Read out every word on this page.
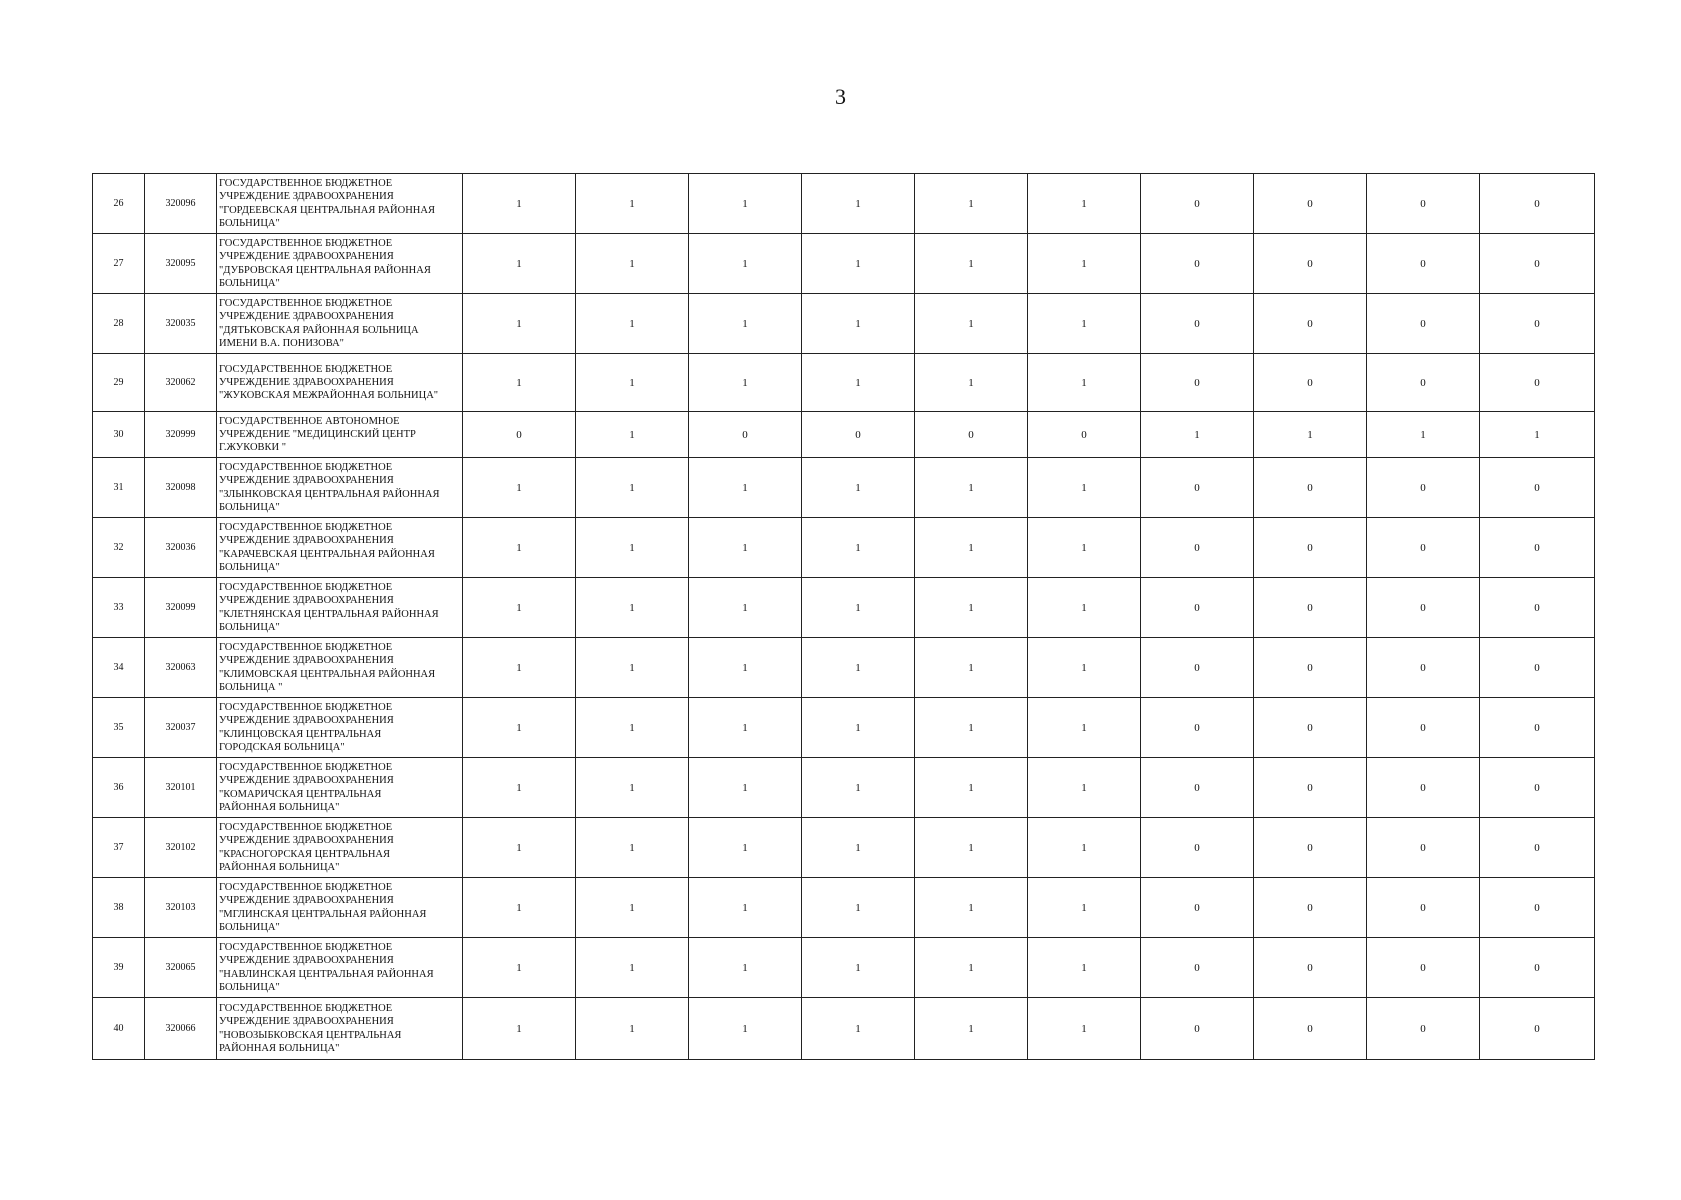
3
26	320096	ГОСУДАРСТВЕННОЕ БЮДЖЕТНОЕ
УЧРЕЖДЕНИЕ ЗДРАВООХРАНЕНИЯ
"ГОРДЕЕВСКАЯ ЦЕНТРАЛЬНАЯ РАЙОННАЯ
БОЛЬНИЦА"	1	1	1	1	1	1	0	0	0	0
27	320095	ГОСУДАРСТВЕННОЕ БЮДЖЕТНОЕ
УЧРЕЖДЕНИЕ ЗДРАВООХРАНЕНИЯ
"ДУБРОВСКАЯ ЦЕНТРАЛЬНАЯ РАЙОННАЯ
БОЛЬНИЦА"	1	1	1	1	1	1	0	0	0	0
28	320035	ГОСУДАРСТВЕННОЕ БЮДЖЕТНОЕ
УЧРЕЖДЕНИЕ ЗДРАВООХРАНЕНИЯ
"ДЯТЬКОВСКАЯ РАЙОННАЯ БОЛЬНИЦА
ИМЕНИ В.А. ПОНИЗОВА"	1	1	1	1	1	1	0	0	0	0
29	320062	ГОСУДАРСТВЕННОЕ БЮДЖЕТНОЕ
УЧРЕЖДЕНИЕ ЗДРАВООХРАНЕНИЯ
"ЖУКОВСКАЯ МЕЖРАЙОННАЯ БОЛЬНИЦА"	1	1	1	1	1	1	0	0	0	0
30	320999	ГОСУДАРСТВЕННОЕ АВТОНОМНОЕ
УЧРЕЖДЕНИЕ "МЕДИЦИНСКИЙ ЦЕНТР
Г.ЖУКОВКИ "	0	1	0	0	0	0	1	1	1	1
31	320098	ГОСУДАРСТВЕННОЕ БЮДЖЕТНОЕ
УЧРЕЖДЕНИЕ ЗДРАВООХРАНЕНИЯ
"ЗЛЫНКОВСКАЯ ЦЕНТРАЛЬНАЯ РАЙОННАЯ
БОЛЬНИЦА"	1	1	1	1	1	1	0	0	0	0
32	320036	ГОСУДАРСТВЕННОЕ БЮДЖЕТНОЕ
УЧРЕЖДЕНИЕ ЗДРАВООХРАНЕНИЯ
"КАРАЧЕВСКАЯ ЦЕНТРАЛЬНАЯ РАЙОННАЯ
БОЛЬНИЦА"	1	1	1	1	1	1	0	0	0	0
33	320099	ГОСУДАРСТВЕННОЕ БЮДЖЕТНОЕ
УЧРЕЖДЕНИЕ ЗДРАВООХРАНЕНИЯ
"КЛЕТНЯНСКАЯ ЦЕНТРАЛЬНАЯ РАЙОННАЯ
БОЛЬНИЦА"	1	1	1	1	1	1	0	0	0	0
34	320063	ГОСУДАРСТВЕННОЕ БЮДЖЕТНОЕ
УЧРЕЖДЕНИЕ ЗДРАВООХРАНЕНИЯ
"КЛИМОВСКАЯ ЦЕНТРАЛЬНАЯ РАЙОННАЯ
БОЛЬНИЦА "	1	1	1	1	1	1	0	0	0	0
35	320037	ГОСУДАРСТВЕННОЕ БЮДЖЕТНОЕ
УЧРЕЖДЕНИЕ ЗДРАВООХРАНЕНИЯ
"КЛИНЦОВСКАЯ ЦЕНТРАЛЬНАЯ
ГОРОДСКАЯ БОЛЬНИЦА"	1	1	1	1	1	1	0	0	0	0
36	320101	ГОСУДАРСТВЕННОЕ БЮДЖЕТНОЕ
УЧРЕЖДЕНИЕ ЗДРАВООХРАНЕНИЯ
"КОМАРИЧСКАЯ ЦЕНТРАЛЬНАЯ
РАЙОННАЯ БОЛЬНИЦА"	1	1	1	1	1	1	0	0	0	0
37	320102	ГОСУДАРСТВЕННОЕ БЮДЖЕТНОЕ
УЧРЕЖДЕНИЕ ЗДРАВООХРАНЕНИЯ
"КРАСНОГОРСКАЯ ЦЕНТРАЛЬНАЯ
РАЙОННАЯ БОЛЬНИЦА"	1	1	1	1	1	1	0	0	0	0
38	320103	ГОСУДАРСТВЕННОЕ БЮДЖЕТНОЕ
УЧРЕЖДЕНИЕ ЗДРАВООХРАНЕНИЯ
"МГЛИНСКАЯ ЦЕНТРАЛЬНАЯ РАЙОННАЯ
БОЛЬНИЦА"	1	1	1	1	1	1	0	0	0	0
39	320065	ГОСУДАРСТВЕННОЕ БЮДЖЕТНОЕ
УЧРЕЖДЕНИЕ ЗДРАВООХРАНЕНИЯ
"НАВЛИНСКАЯ ЦЕНТРАЛЬНАЯ РАЙОННАЯ
БОЛЬНИЦА"	1	1	1	1	1	1	0	0	0	0
40	320066	ГОСУДАРСТВЕННОЕ БЮДЖЕТНОЕ
УЧРЕЖДЕНИЕ ЗДРАВООХРАНЕНИЯ
"НОВОЗЫБКОВСКАЯ ЦЕНТРАЛЬНАЯ
РАЙОННАЯ БОЛЬНИЦА"	1	1	1	1	1	1	0	0	0	0
